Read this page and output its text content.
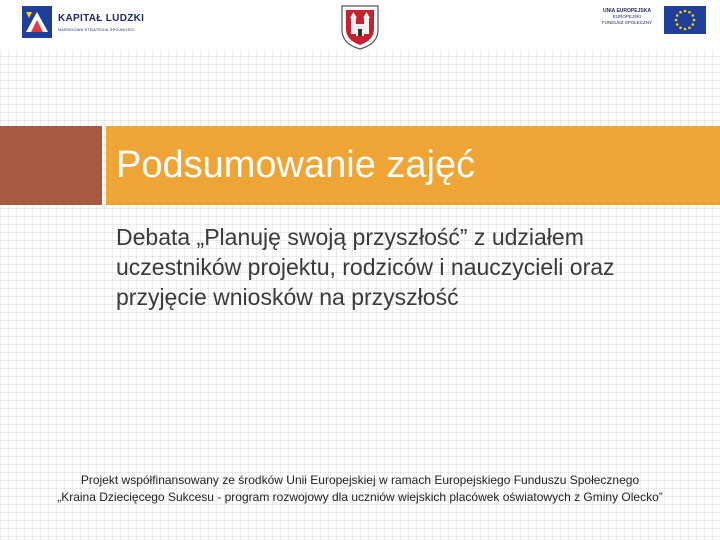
KAPITAŁ LUDZKI
NARODOWA STRATEGIA SPÓJNOŚCI
UNIA EUROPEJSKA
EUROPEJSKI
FUNDUSZ SPOŁECZNY
Podsumowanie zajęć

Debata „Planuję swoją przyszłość” z udziałem uczestników projektu, rodziców i nauczycieli oraz przyjęcie wniosków na przyszłość

Projekt współfinansowany ze środków Unii Europejskiej w ramach Europejskiego Funduszu Społecznego

„Kraina Dziecięcego Sukcesu - program rozwojowy dla uczniów wiejskich placówek oświatowych z Gminy Olecko”
